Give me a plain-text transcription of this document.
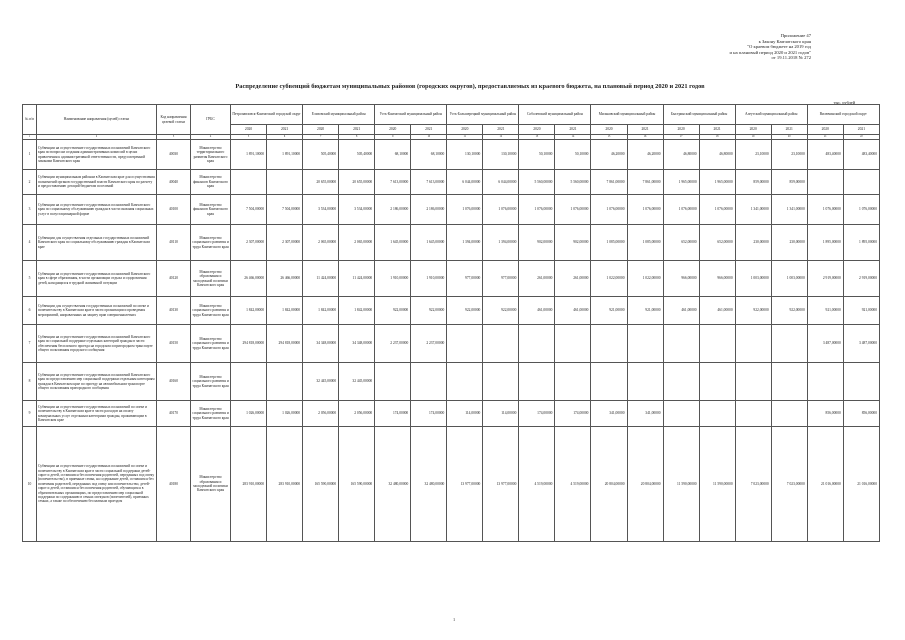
Приложение 47
к Закону Камчатского края
"О краевом бюджете на 2019 год
и на плановый период 2020 и 2021 годов"
от 19.11.2018 № 272
Распределение субвенций бюджетам муниципальных районов (городских округов), предоставляемых из краевого бюджета, на плановый период 2020 и 2021 годов
тыс. рублей
№ п/п	Наименование направления (целей) статьи	Код направления целевой статьи	ГРБС	Петропавловск-Камчатский городской округ		Елизовский муниципальный район		Усть-Камчатский муниципальный район		Усть-Большерецкий муниципальный район		Соболевский муниципальный район		Мильковский муниципальный район		Быстринский муниципальный район		Алеутский муниципальный район		Вилючинский городской округ	
				2020	2021	2020	2021	2020	2021	2020	2021	2020	2021	2020	2021	2020	2021	2020	2021	2020	2021
1	2	3	4	5	6	7	8	9	10	11	12	13	14	15	16	17	18	19	20	21	22
1	Субвенции на осуществление государственных полномочий Камчатского края по вопросам создания административных комиссий в целях привлечения к административной ответственности, предусмотренной законами Камчатского края	40030	Министерство территориального развития Камчатского края	1 891,10000	1 891,10000	505,40000	505,40000	68,10000	68,10000	130,10000	130,10000	50,10000	50,10000	46,20000	46,20000	46,80000	46,80000	23,10000	23,10000	483,40000	483,40000
2	Субвенции муниципальным районам в Камчатском крае для осуществления полномочий органов государственной власти Камчатского края по расчету и предоставлению дотаций бюджетам поселений	40040	Министерство финансов Камчатского края			20 655,00000	20 655,00000	7 613,00000	7 613,00000	6 044,00000	6 044,00000	5 560,00000	5 560,00000	7 861,00000	7 861,00000	1 965,00000	1 965,00000	859,00000	859,00000		
3	Субвенции на осуществление государственных полномочий Камчатского края по социальному обслуживанию граждан в части оказания социальных услуг в полустационарной форме	40100	Министерство финансов Камчатского края	7 504,00000	7 504,00000	3 534,00000	3 534,00000	2 186,00000	2 186,00000	1 076,00000	1 076,00000	1 076,00000	1 076,00000	1 076,00000	1 076,00000	1 076,00000	1 076,00000	1 341,00000	1 341,00000	1 076,00000	1 076,00000
4	Субвенции для осуществления отдельных государственных полномочий Камчатского края по социальному обслуживанию граждан в Камчатском крае	40110	Министерство социального развития и труда Камчатского края	2 307,00000	2 307,00000	2 065,00000	2 065,00000	1 645,00000	1 645,00000	1 394,00000	1 394,00000	902,00000	902,00000	1 085,00000	1 085,00000	652,00000	652,00000	230,00000	230,00000	1 895,00000	1 895,00000
5	Субвенции на осуществление государственных полномочий Камчатского края в сфере образования, в части организации отдыха и оздоровления детей, находящихся в трудной жизненной ситуации	40120	Министерство образования и молодежной политики Камчатского края	26 466,00000	26 466,00000	11 424,00000	11 424,00000	1 910,00000	1 910,00000	977,00000	977,00000	261,00000	261,00000	1 022,00000	1 022,00000	966,00000	966,00000	1 003,00000	1 003,00000	2 919,00000	2 919,00000
6	Субвенции для осуществления государственных полномочий по опеке и попечительству в Камчатском крае в части организации и проведения мероприятий, направленных на защиту прав совершеннолетних	40130	Министерство социального развития и труда Камчатского края	1 842,00000	1 842,00000	1 842,00000	1 842,00000	922,00000	922,00000	922,00000	922,00000	461,00000	461,00000	921,00000	921,00000	461,00000	461,00000	922,00000	922,00000	921,00000	921,00000
7	Субвенции на осуществление государственных полномочий Камчатского края по социальной поддержке отдельных категорий граждан в части обеспечения бесплатного проезда на городском и пригородном транспорте общего пользования городского сообщения	40150	Министерство социального развития и труда Камчатского края	294 818,00000	294 818,00000	34 348,00000	34 348,00000	2 237,00000	2 237,00000											3 487,00000	3 487,00000
8	Субвенции на осуществление государственных полномочий Камчатского края по предоставлению мер социальной поддержки отдельным категориям граждан в Камчатском крае по проезду на автомобильном транспорте общего пользования пригородного сообщения	40160	Министерство социального развития и труда Камчатского края			32 445,00000	32 445,00000														
9	Субвенции на осуществление государственных полномочий по опеке и попечительству в Камчатском крае в части расходов на оплату коммунальных услуг отдельным категориям граждан, проживающим в Камчатском крае	40170	Министерство социального развития и труда Камчатского края	1 026,00000	1 026,00000	2 056,00000	2 056,00000	174,00000	174,00000	114,00000	114,00000	174,00000	174,00000	341,00000	341,00000					856,00000	856,00000
10	Субвенции на осуществление государственных полномочий по опеке и попечительству в Камчатском крае в части социальной поддержки детей-сирот и детей, оставшихся без попечения родителей, переданных под опеку (попечительство), в приемные семьи, на содержание детей, оставшихся без попечения родителей, переданных под опеку или попечительство, детей-сирот и детей, оставшихся без попечения родителей, обучающихся в образовательных организациях, по предоставлению мер социальной поддержки по содержанию в семьях опекунов (попечителей), приемных семьях, а также по обеспечению бесплатным проездом	40180	Министерство образования и молодежной политики Камчатского края	283 910,00000	283 910,00000	165 590,00000	165 590,00000	32 480,00000	32 480,00000	13 977,00000	13 977,00000	4 519,00000	4 519,00000	20 804,00000	20 804,00000	11 590,00000	11 590,00000	7 023,00000	7 023,00000	21 016,00000	21 016,00000
1
